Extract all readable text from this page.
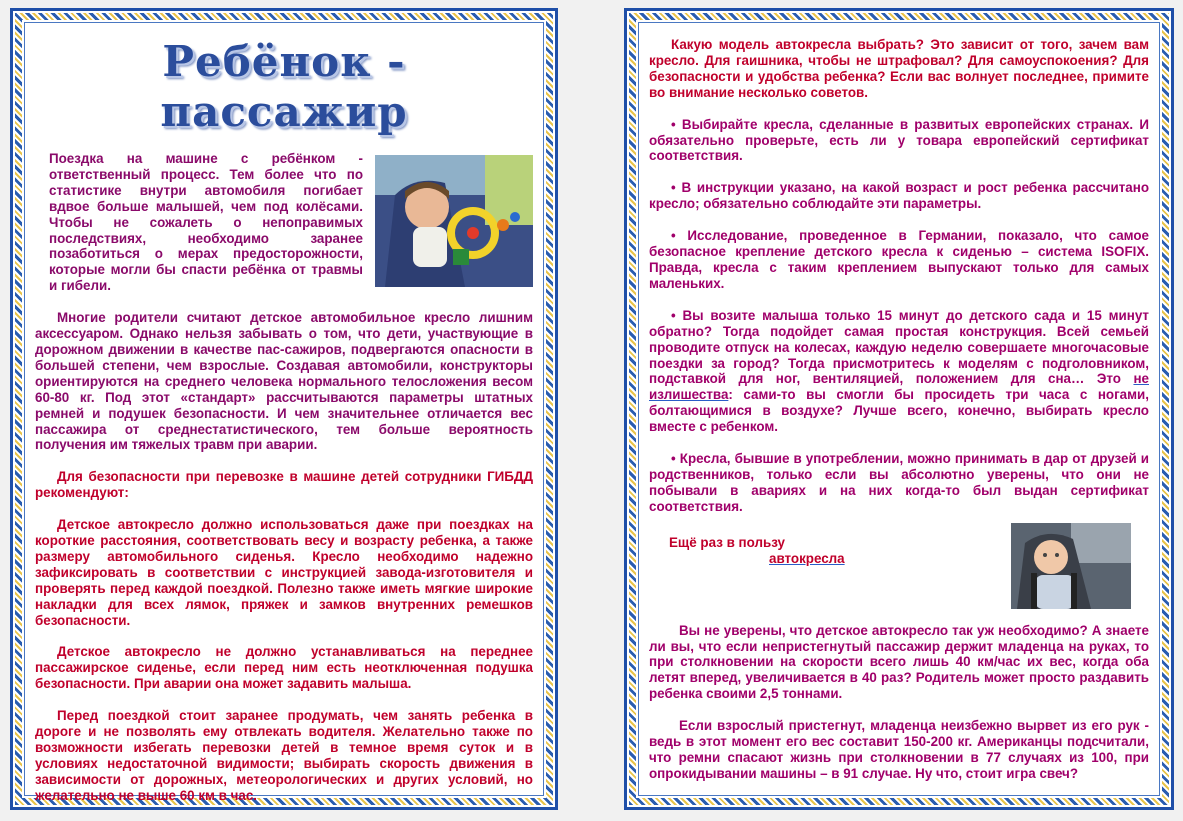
Ребёнок - пассажир

Поездка на машине с ребёнком - ответственный процесс. Тем более что по статистике внутри автомобиля погибает вдвое больше малышей, чем под колёсами. Чтобы не сожалеть о непоправимых последствиях, необходимо заранее позаботиться о мерах предосторожности, которые могли бы спасти ребёнка от травмы и гибели.

Многие родители считают детское автомобильное кресло лишним аксессуаром. Однако нельзя забывать о том, что дети, участвующие в дорожном движении в качестве пас-сажиров, подвергаются опасности в большей степени, чем взрослые. Создавая автомобили, конструкторы ориентируются на среднего человека нормального телосложения весом 60-80 кг. Под этот «стандарт» рассчитываются параметры штатных ремней и подушек безопасности. И чем значительнее отличается вес пассажира от среднестатистического, тем больше вероятность получения им тяжелых травм при аварии.

Для безопасности при перевозке в машине детей сотрудники ГИБДД рекомендуют:

Детское автокресло должно использоваться даже при поездках на короткие расстояния, соответствовать весу и возрасту ребенка, а также размеру автомобильного сиденья. Кресло необходимо надежно зафиксировать в соответствии с инструкцией завода-изготовителя и проверять перед каждой поездкой. Полезно также иметь мягкие широкие накладки для всех лямок, пряжек и замков внутренних ремешков безопасности.

Детское автокресло не должно устанавливаться на переднее пассажирское сиденье, если перед ним есть неотключенная подушка безопасности. При аварии она может задавить малыша.

Перед поездкой стоит заранее продумать, чем занять ребенка в дороге и не позволять ему отвлекать водителя. Желательно также по возможности избегать перевозки детей в темное время суток и в условиях недостаточной видимости; выбирать скорость движения в зависимости от дорожных, метеорологических и других условий, но желательно не выше 60 км в час.

Какую модель автокресла выбрать? Это зависит от того, зачем вам кресло. Для гаишника, чтобы не штрафовал? Для самоуспокоения? Для безопасности и удобства ребенка? Если вас волнует последнее, примите во внимание несколько советов.

• Выбирайте кресла, сделанные в развитых европейских странах. И обязательно проверьте, есть ли у товара европейский сертификат соответствия.

• В инструкции указано, на какой возраст и рост ребенка рассчитано кресло; обязательно соблюдайте эти параметры.

• Исследование, проведенное в Германии, показало, что самое безопасное крепление детского кресла к сиденью – система ISOFIX. Правда, кресла с таким креплением выпускают только для самых маленьких.

• Вы возите малыша только 15 минут до детского сада и 15 минут обратно? Тогда подойдет самая простая конструкция. Всей семьей проводите отпуск на колесах, каждую неделю совершаете многочасовые поездки за город? Тогда присмотритесь к моделям с подголовником, подставкой для ног, вентиляцией, положением для сна… Это не излишества: сами-то вы смогли бы просидеть три часа с ногами, болтающимися в воздухе? Лучше всего, конечно, выбирать кресло вместе с ребенком.

• Кресла, бывшие в употреблении, можно принимать в дар от друзей и родственников, только если вы абсолютно уверены, что они не побывали в авариях и на них когда-то был выдан сертификат соответствия.

Ещё раз в пользу
автокресла

Вы не уверены, что детское автокресло так уж необходимо? А знаете ли вы, что если непристегнутый пассажир держит младенца на руках, то при столкновении на скорости всего лишь 40 км/час их вес, когда оба летят вперед, увеличивается в 40 раз? Родитель может просто раздавить ребенка своими 2,5 тоннами.

Если взрослый пристегнут, младенца неизбежно вырвет из его рук - ведь в этот момент его вес составит 150-200 кг. Американцы подсчитали, что ремни спасают жизнь при столкновении в 77 случаях из 100, при опрокидывании машины – в 91 случае. Ну что, стоит игра свеч?
